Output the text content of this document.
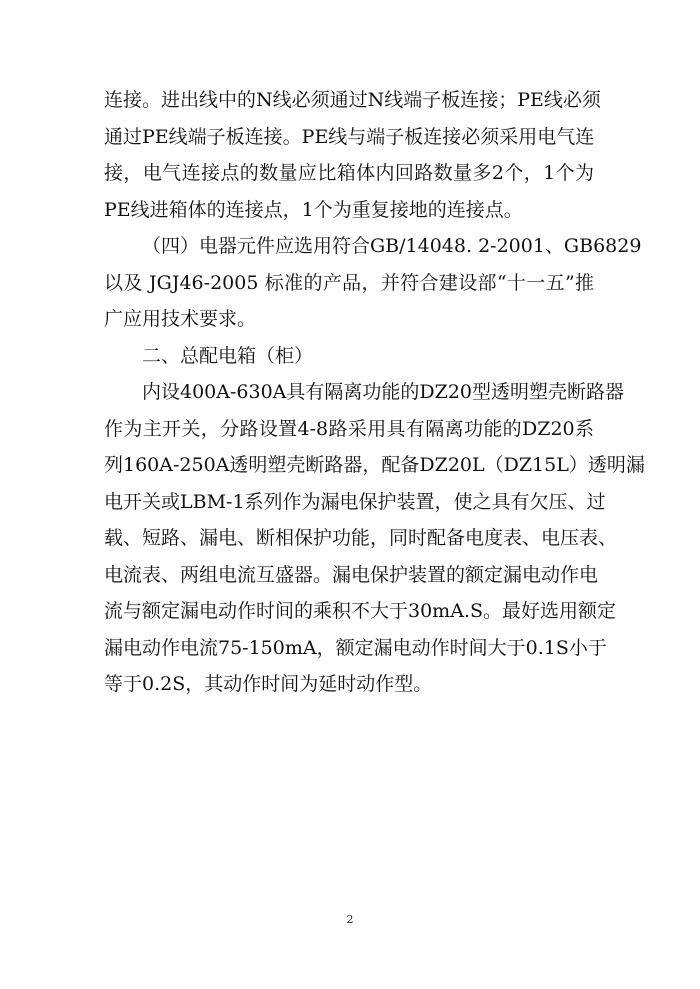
连接。进出线中的N线必须通过N线端子板连接；PE线必须
通过PE线端子板连接。PE线与端子板连接必须采用电气连
接，电气连接点的数量应比箱体内回路数量多2个，1个为
PE线进箱体的连接点，1个为重复接地的连接点。
（四）电器元件应选用符合GB/14048. 2-2001、GB6829
以及 JGJ46-2005 标准的产品，并符合建设部“十一五”推
广应用技术要求。
二、总配电箱（柜）
内设400A-630A具有隔离功能的DZ20型透明塑壳断路器
作为主开关，分路设置4-8路采用具有隔离功能的DZ20系
列160A-250A透明塑壳断路器，配备DZ20L（DZ15L）透明漏
电开关或LBM-1系列作为漏电保护装置，使之具有欠压、过
载、短路、漏电、断相保护功能，同时配备电度表、电压表、
电流表、两组电流互盛器。漏电保护装置的额定漏电动作电
流与额定漏电动作时间的乘积不大于30mA.S。最好选用额定
漏电动作电流75-150mA，额定漏电动作时间大于0.1S小于
等于0.2S，其动作时间为延时动作型。
2
